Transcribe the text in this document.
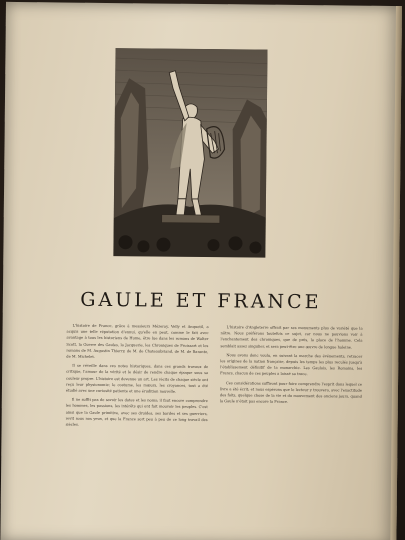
GAULE ET FRANCE

L'histoire de France, grâce à messieurs Mézeray, Velly et Anquetil, a acquis une telle réputation d'ennui, qu'elle en peut, comme le fait avec avantage à tous les historiens de Hume, être lue dans les romans de Walter Scott, la Guerre des Gaules, la Jacquerie, les Chroniques de Froissart et les romans de M. Augustin Thierry, de M. de Chateaubriand, de M. de Barante, de M. Michelet.

Il se réveille dans ces notes historiques, dans ces grands travaux de critique, l'amour de la vérité et le désir de rendre chaque époque sous sa couleur propre. L'histoire est devenue un art. Les récits de chaque siècle ont reçu leur physionomie; le costume, les mœurs, les croyances, tout a été étudié avec une curiosité patiente et une érudition nouvelle.

Il ne suffit pas de savoir les dates et les noms; il faut encore comprendre les hommes, les passions, les intérêts qui ont fait mouvoir les peuples. C'est ainsi que la Gaule primitive, avec ses druides, ses bardes et ses guerriers, revit sous nos yeux, et que la France sort peu à peu de ce long travail des siècles.

L'histoire d'Angleterre offrait par ses monuments plus de variété que la nôtre. Nous préférons toutefois ce sujet, car nous ne pouvions voir à l'enchantement des chroniques, que de près, la place de l'homme. Cela semblait assez singulier, et sera peut-être une œuvre de longue haleine.

Nous avons donc voulu, en suivant la marche des événements, retracer les origines de la nation française, depuis les temps les plus reculés jusqu'à l'établissement définitif de la monarchie. Les Gaulois, les Romains, les Francs, chacun de ces peuples a laissé sa trace.

Ces considérations suffiront pour faire comprendre l'esprit dans lequel ce livre a été écrit; et nous espérons que le lecteur y trouvera, avec l'exactitude des faits, quelque chose de la vie et du mouvement des anciens jours, quand la Gaule n'était pas encore la France.
